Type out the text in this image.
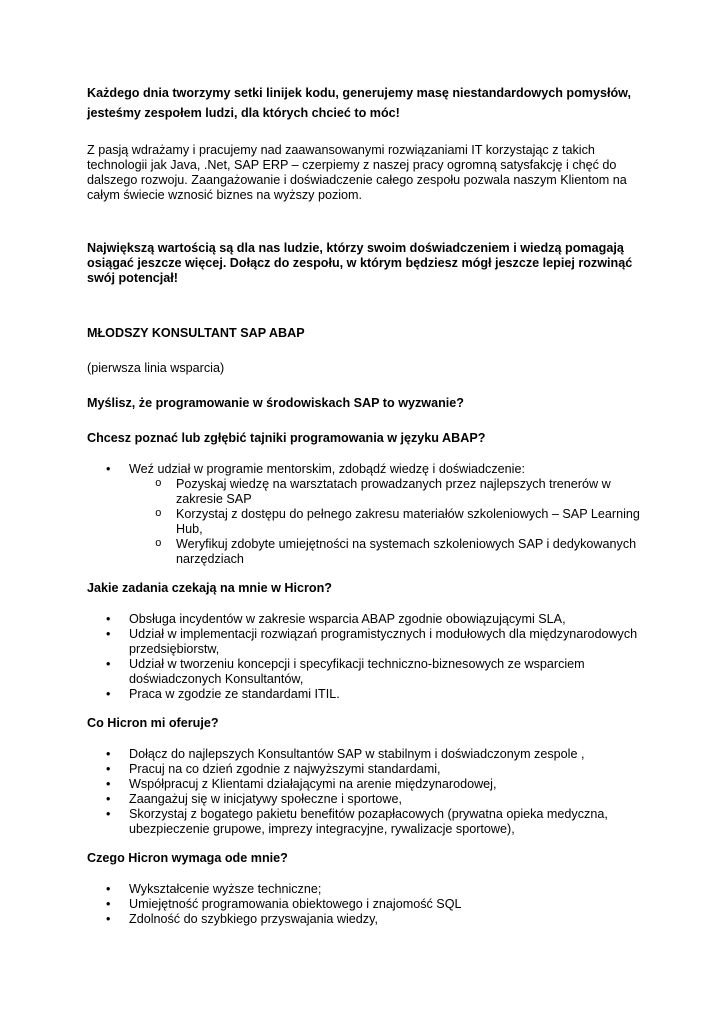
Każdego dnia tworzymy setki linijek kodu, generujemy masę niestandardowych pomysłów, jesteśmy zespołem ludzi, dla których chcieć to móc!

Z pasją wdrażamy i pracujemy nad zaawansowanymi rozwiązaniami IT korzystając z takich technologii jak Java, .Net, SAP ERP – czerpiemy z naszej pracy ogromną satysfakcję i chęć do dalszego rozwoju. Zaangażowanie i doświadczenie całego zespołu pozwala naszym Klientom na całym świecie wznosić biznes na wyższy poziom.

Największą wartością są dla nas ludzie, którzy swoim doświadczeniem i wiedzą pomagają osiągać jeszcze więcej. Dołącz do zespołu, w którym będziesz mógł jeszcze lepiej rozwinąć swój potencjał!

MŁODSZY KONSULTANT SAP ABAP

(pierwsza linia wsparcia)

Myślisz, że programowanie w środowiskach SAP to wyzwanie?

Chcesz poznać lub zgłębić tajniki programowania w języku ABAP?

• Weź udział w programie mentorskim, zdobądź wiedzę i doświadczenie:
o Pozyskaj wiedzę na warsztatach prowadzanych przez najlepszych trenerów w zakresie SAP
o Korzystaj z dostępu do pełnego zakresu materiałów szkoleniowych – SAP Learning Hub,
o Weryfikuj zdobyte umiejętności na systemach szkoleniowych SAP i dedykowanych narzędziach

Jakie zadania czekają na mnie w Hicron?

• Obsługa incydentów w zakresie wsparcia ABAP zgodnie obowiązującymi SLA,
• Udział w implementacji rozwiązań programistycznych i modułowych dla międzynarodowych przedsiębiorstw,
• Udział w tworzeniu koncepcji i specyfikacji techniczno-biznesowych ze wsparciem doświadczonych Konsultantów,
• Praca w zgodzie ze standardami ITIL.

Co Hicron mi oferuje?

• Dołącz do najlepszych Konsultantów SAP w stabilnym i doświadczonym zespole ,
• Pracuj na co dzień zgodnie z najwyższymi standardami,
• Współpracuj z Klientami działającymi na arenie międzynarodowej,
• Zaangażuj się w inicjatywy społeczne i sportowe,
• Skorzystaj z bogatego pakietu benefitów pozapłacowych (prywatna opieka medyczna, ubezpieczenie grupowe, imprezy integracyjne, rywalizacje sportowe),

Czego Hicron wymaga ode mnie?

• Wykształcenie wyższe techniczne;
• Umiejętność programowania obiektowego i znajomość SQL
• Zdolność do szybkiego przyswajania wiedzy,
